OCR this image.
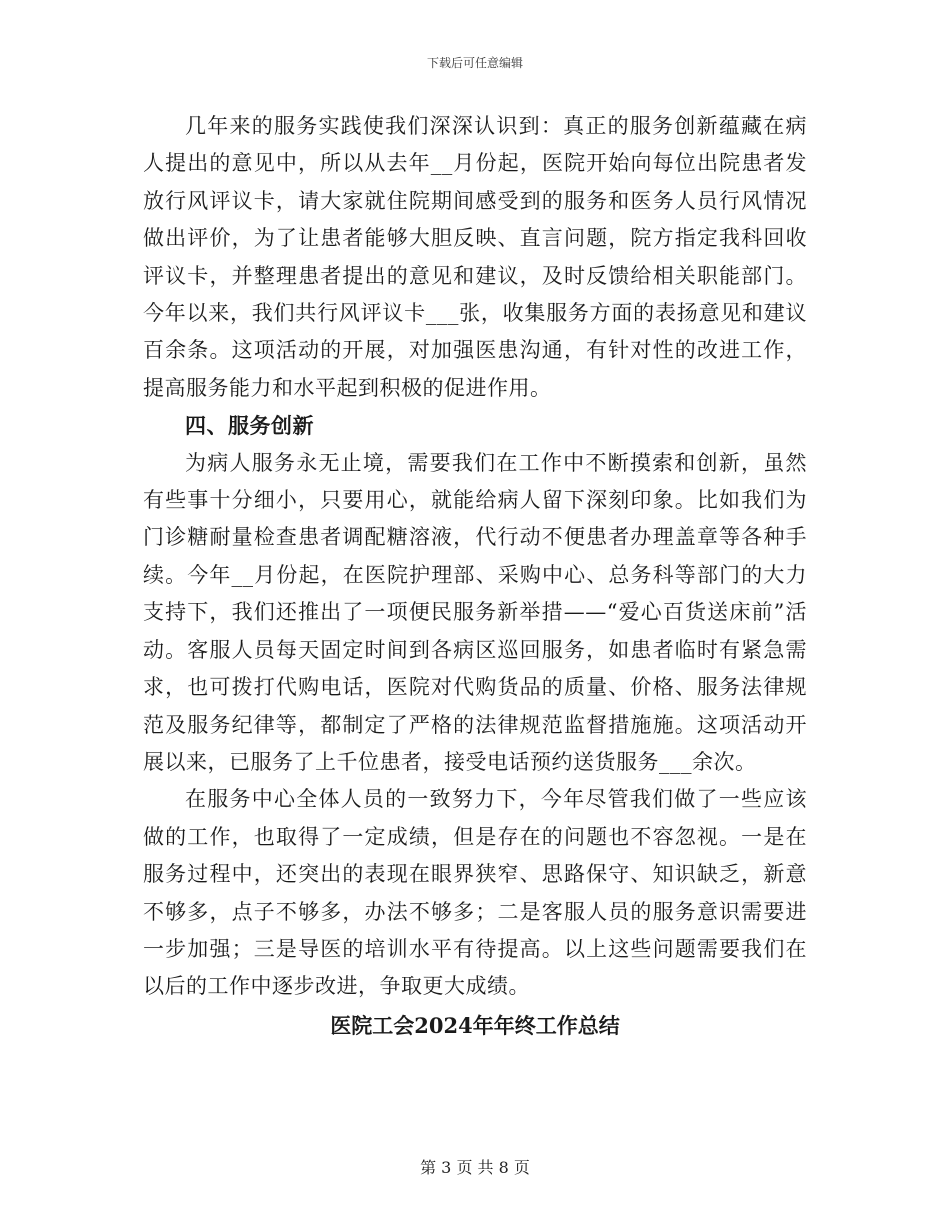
下载后可任意编辑

几年来的服务实践使我们深深认识到：真正的服务创新蕴藏在病人提出的意见中，所以从去年__月份起，医院开始向每位出院患者发放行风评议卡，请大家就住院期间感受到的服务和医务人员行风情况做出评价，为了让患者能够大胆反映、直言问题，院方指定我科回收评议卡，并整理患者提出的意见和建议，及时反馈给相关职能部门。今年以来，我们共行风评议卡___张，收集服务方面的表扬意见和建议百余条。这项活动的开展，对加强医患沟通，有针对性的改进工作，提高服务能力和水平起到积极的促进作用。

四、服务创新

为病人服务永无止境，需要我们在工作中不断摸索和创新，虽然有些事十分细小，只要用心，就能给病人留下深刻印象。比如我们为门诊糖耐量检查患者调配糖溶液，代行动不便患者办理盖章等各种手续。今年__月份起，在医院护理部、采购中心、总务科等部门的大力支持下，我们还推出了一项便民服务新举措——“爱心百货送床前”活动。客服人员每天固定时间到各病区巡回服务，如患者临时有紧急需求，也可拨打代购电话，医院对代购货品的质量、价格、服务法律规范及服务纪律等，都制定了严格的法律规范监督措施施。这项活动开展以来，已服务了上千位患者，接受电话预约送货服务___余次。

在服务中心全体人员的一致努力下，今年尽管我们做了一些应该做的工作，也取得了一定成绩，但是存在的问题也不容忽视。一是在服务过程中，还突出的表现在眼界狭窄、思路保守、知识缺乏，新意不够多，点子不够多，办法不够多；二是客服人员的服务意识需要进一步加强；三是导医的培训水平有待提高。以上这些问题需要我们在以后的工作中逐步改进，争取更大成绩。

医院工会2024年年终工作总结
第 3 页 共 8 页
